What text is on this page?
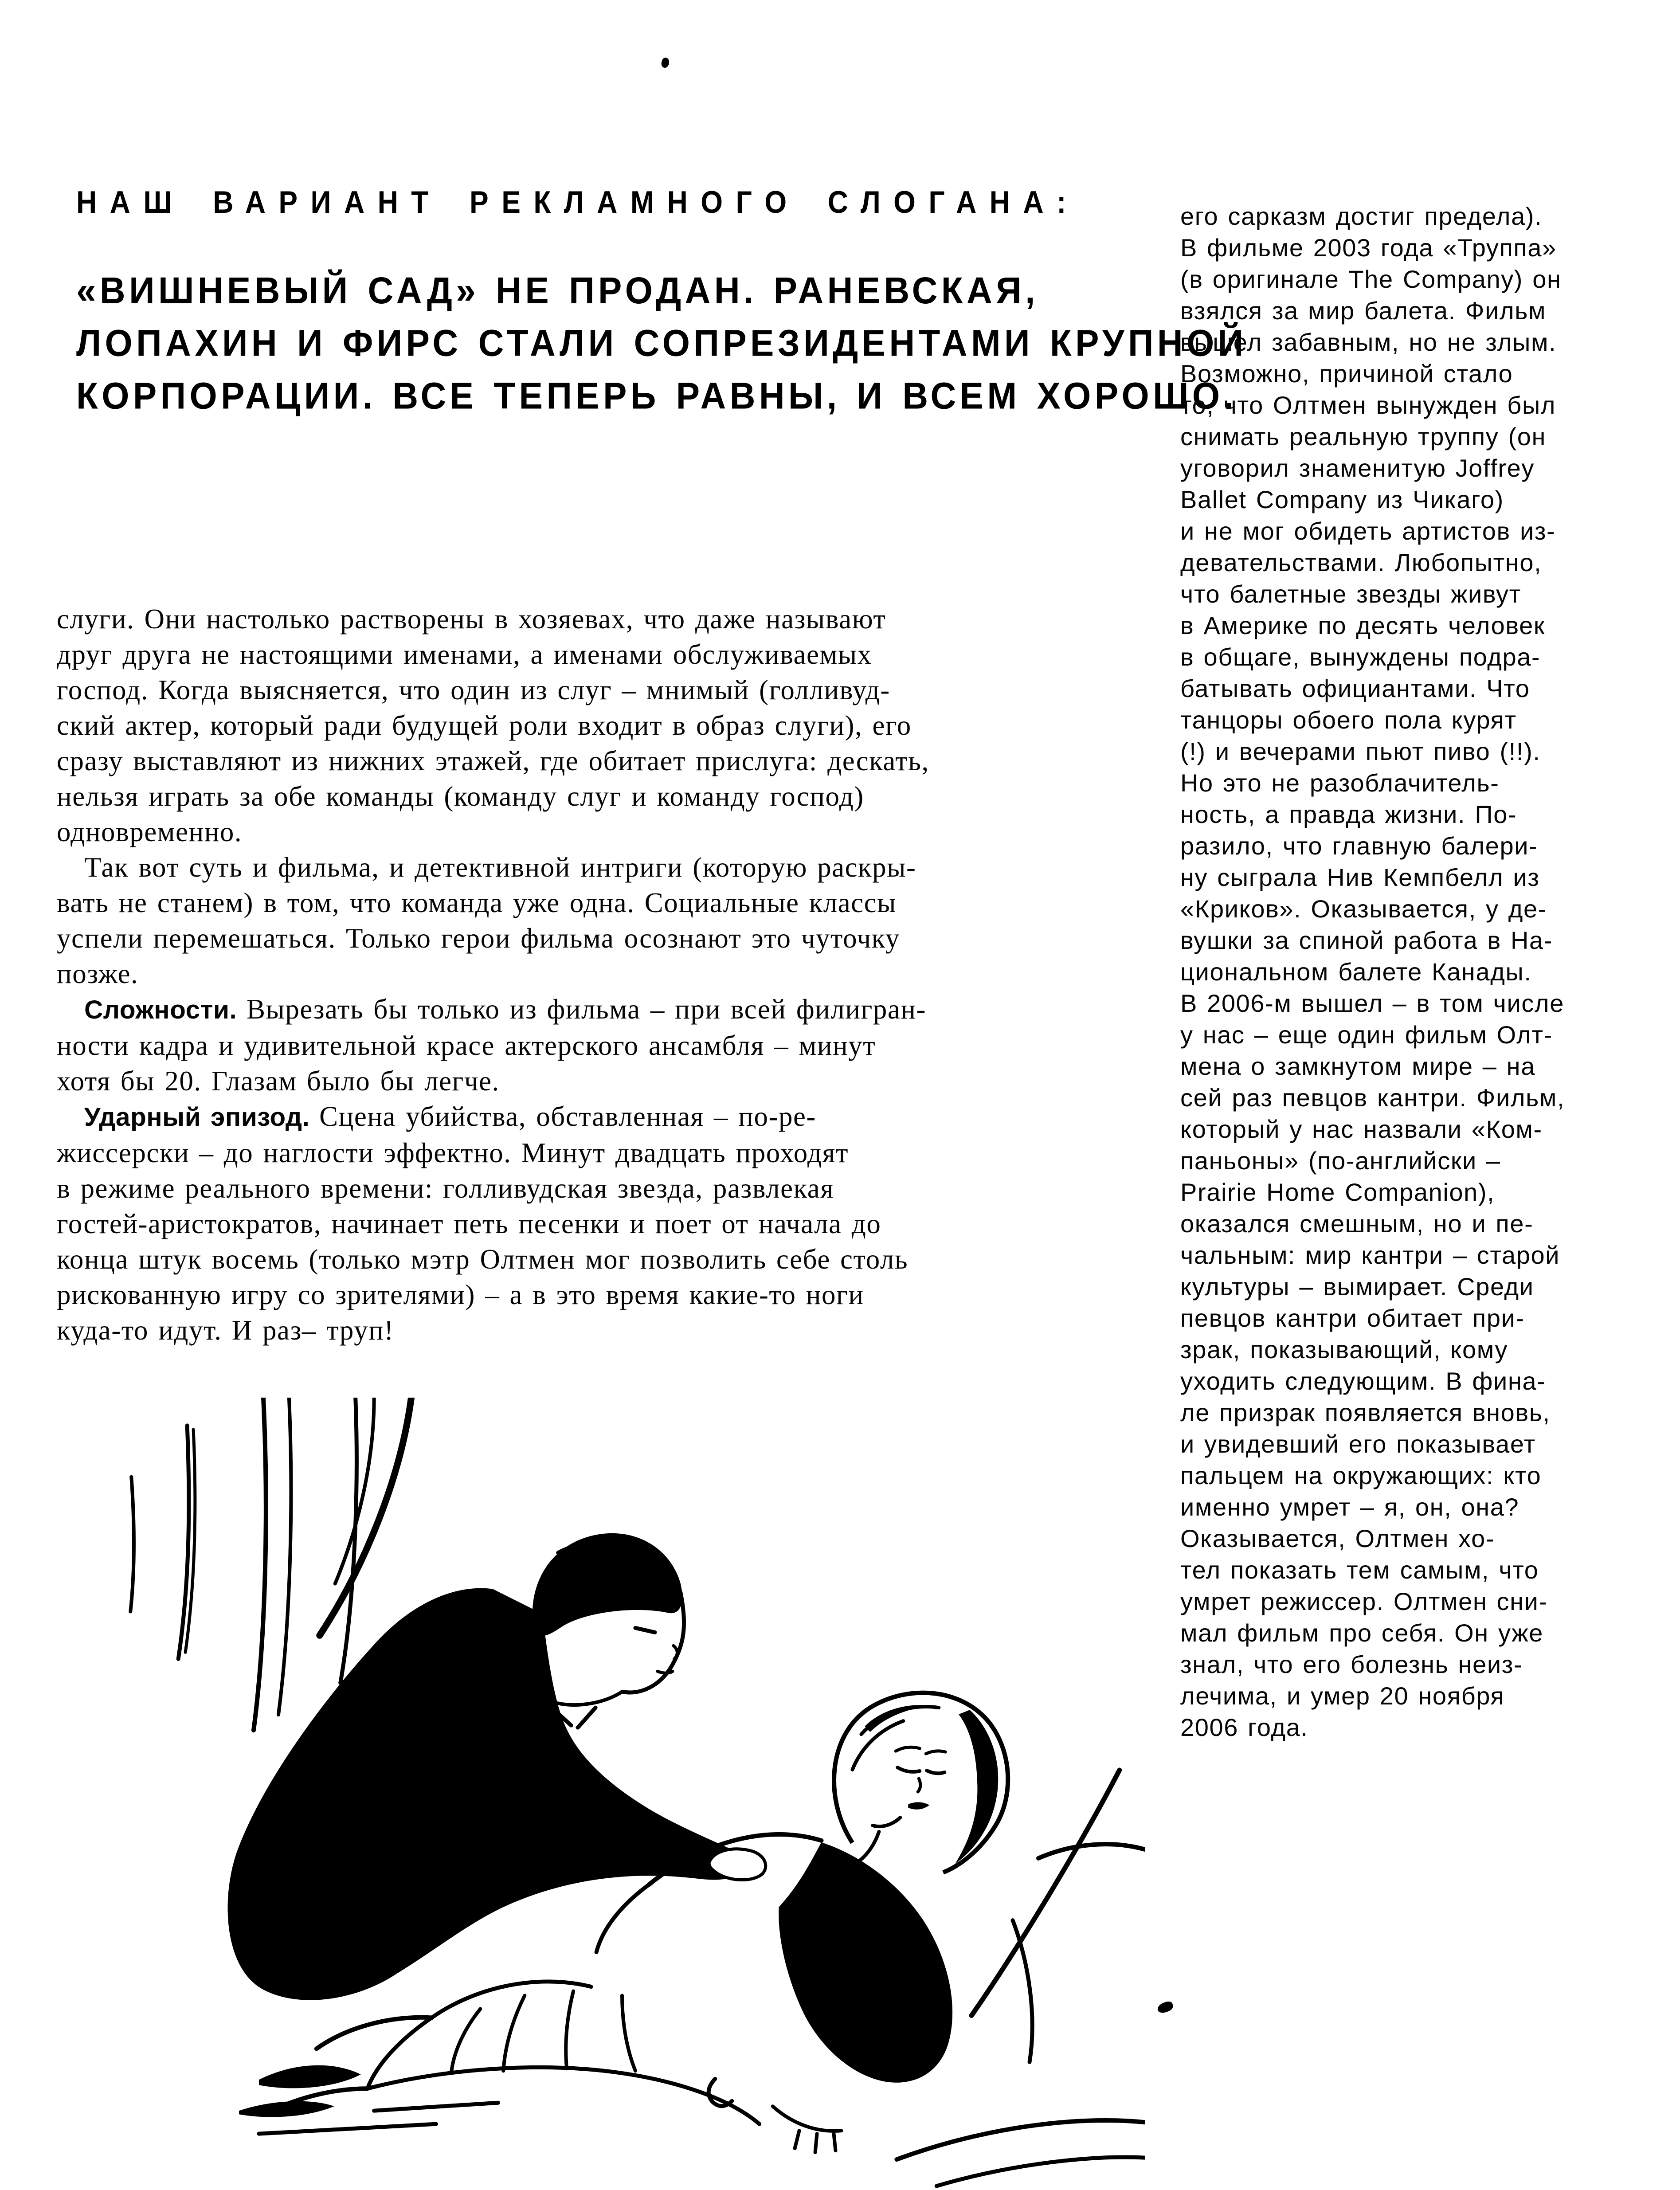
НАШ ВАРИАНТ РЕКЛАМНОГО СЛОГАНА:
«ВИШНЕВЫЙ САД» НЕ ПРОДАН. РАНЕВСКАЯ,
ЛОПАХИН И ФИРС СТАЛИ СОПРЕЗИДЕНТАМИ КРУПНОЙ
КОРПОРАЦИИ. ВСЕ ТЕПЕРЬ РАВНЫ, И ВСЕМ ХОРОШО.
слуги. Они настолько растворены в хозяевах, что даже называют
друг друга не настоящими именами, а именами обслуживаемых
господ. Когда выясняется, что один из слуг – мнимый (голливуд-
ский актер, который ради будущей роли входит в образ слуги), его
сразу выставляют из нижних этажей, где обитает прислуга: дескать,
нельзя играть за обе команды (команду слуг и команду господ)
одновременно.
Так вот суть и фильма, и детективной интриги (которую раскры-
вать не станем) в том, что команда уже одна. Социальные классы
успели перемешаться. Только герои фильма осознают это чуточку
позже.
Сложности. Вырезать бы только из фильма – при всей филигран-
ности кадра и удивительной красе актерского ансамбля – минут
хотя бы 20. Глазам было бы легче.
Ударный эпизод. Сцена убийства, обставленная – по-ре-
жиссерски – до наглости эффектно. Минут двадцать проходят
в режиме реального времени: голливудская звезда, развлекая
гостей-аристократов, начинает петь песенки и поет от начала до
конца штук восемь (только мэтр Олтмен мог позволить себе столь
рискованную игру со зрителями) – а в это время какие-то ноги
куда-то идут. И раз– труп!
его сарказм достиг предела).
В фильме 2003 года «Труппа»
(в оригинале The Company) он
взялся за мир балета. Фильм
вышел забавным, но не злым.
Возможно, причиной стало
то, что Олтмен вынужден был
снимать реальную труппу (он
уговорил знаменитую Joffrey
Ballet Company из Чикаго)
и не мог обидеть артистов из-
девательствами. Любопытно,
что балетные звезды живут
в Америке по десять человек
в общаге, вынуждены подра-
батывать официантами. Что
танцоры обоего пола курят
(!) и вечерами пьют пиво (!!).
Но это не разоблачитель-
ность, а правда жизни. По-
разило, что главную балери-
ну сыграла Нив Кемпбелл из
«Криков». Оказывается, у де-
вушки за спиной работа в На-
циональном балете Канады.
В 2006-м вышел – в том числе
у нас – еще один фильм Олт-
мена о замкнутом мире – на
сей раз певцов кантри. Фильм,
который у нас назвали «Ком-
паньоны» (по-английски –
Prairie Home Companion),
оказался смешным, но и пе-
чальным: мир кантри – старой
культуры – вымирает. Среди
певцов кантри обитает при-
зрак, показывающий, кому
уходить следующим. В фина-
ле призрак появляется вновь,
и увидевший его показывает
пальцем на окружающих: кто
именно умрет – я, он, она?
Оказывается, Олтмен хо-
тел показать тем самым, что
умрет режиссер. Олтмен сни-
мал фильм про себя. Он уже
знал, что его болезнь неиз-
лечима, и умер 20 ноября
2006 года.
